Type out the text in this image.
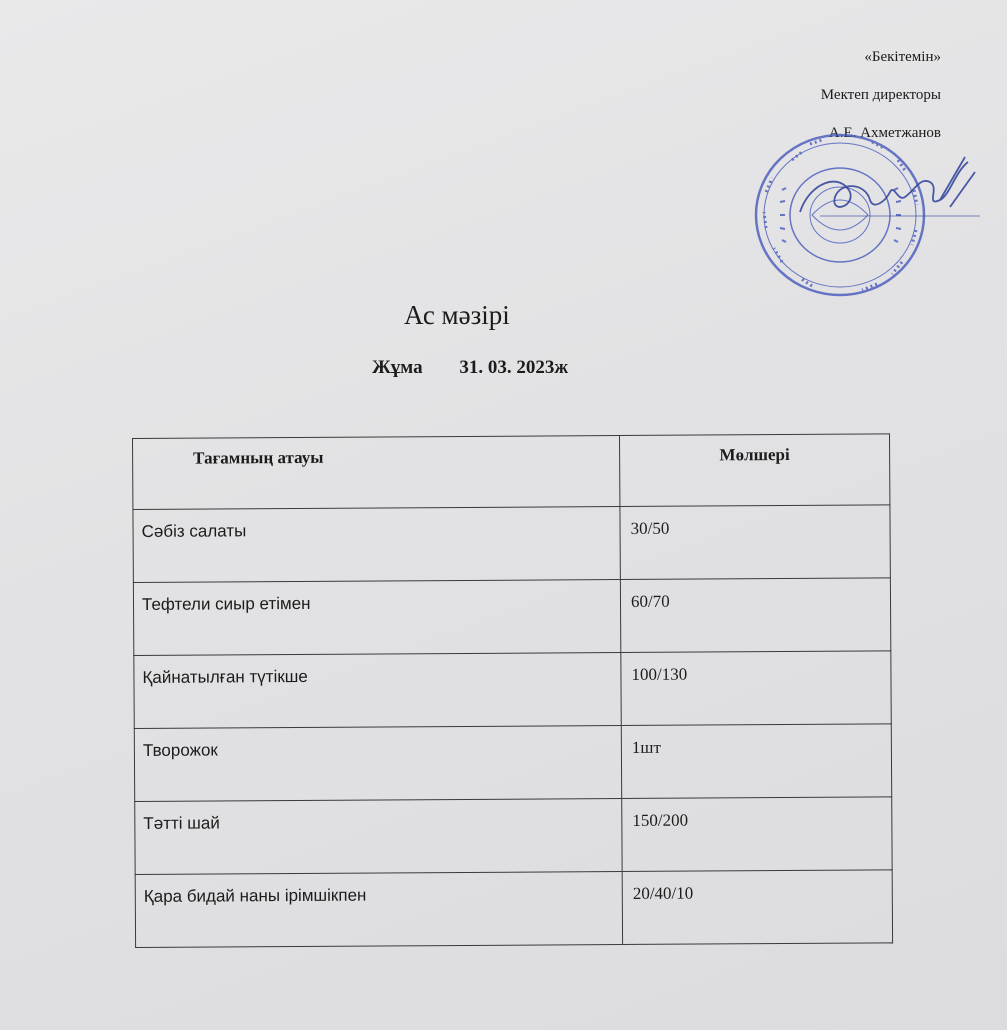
«Бекітемін»
Мектеп директоры
А.Е. Ахметжанов
Ас мәзірі
Жұма 31. 03. 2023ж
Тағамның атауы	Мөлшері
Сәбіз салаты	30/50
Тефтели сиыр етімен	60/70
Қайнатылған түтікше	100/130
Творожок	1шт
Тәтті шай	150/200
Қара бидай наны ірімшікпен	20/40/10
